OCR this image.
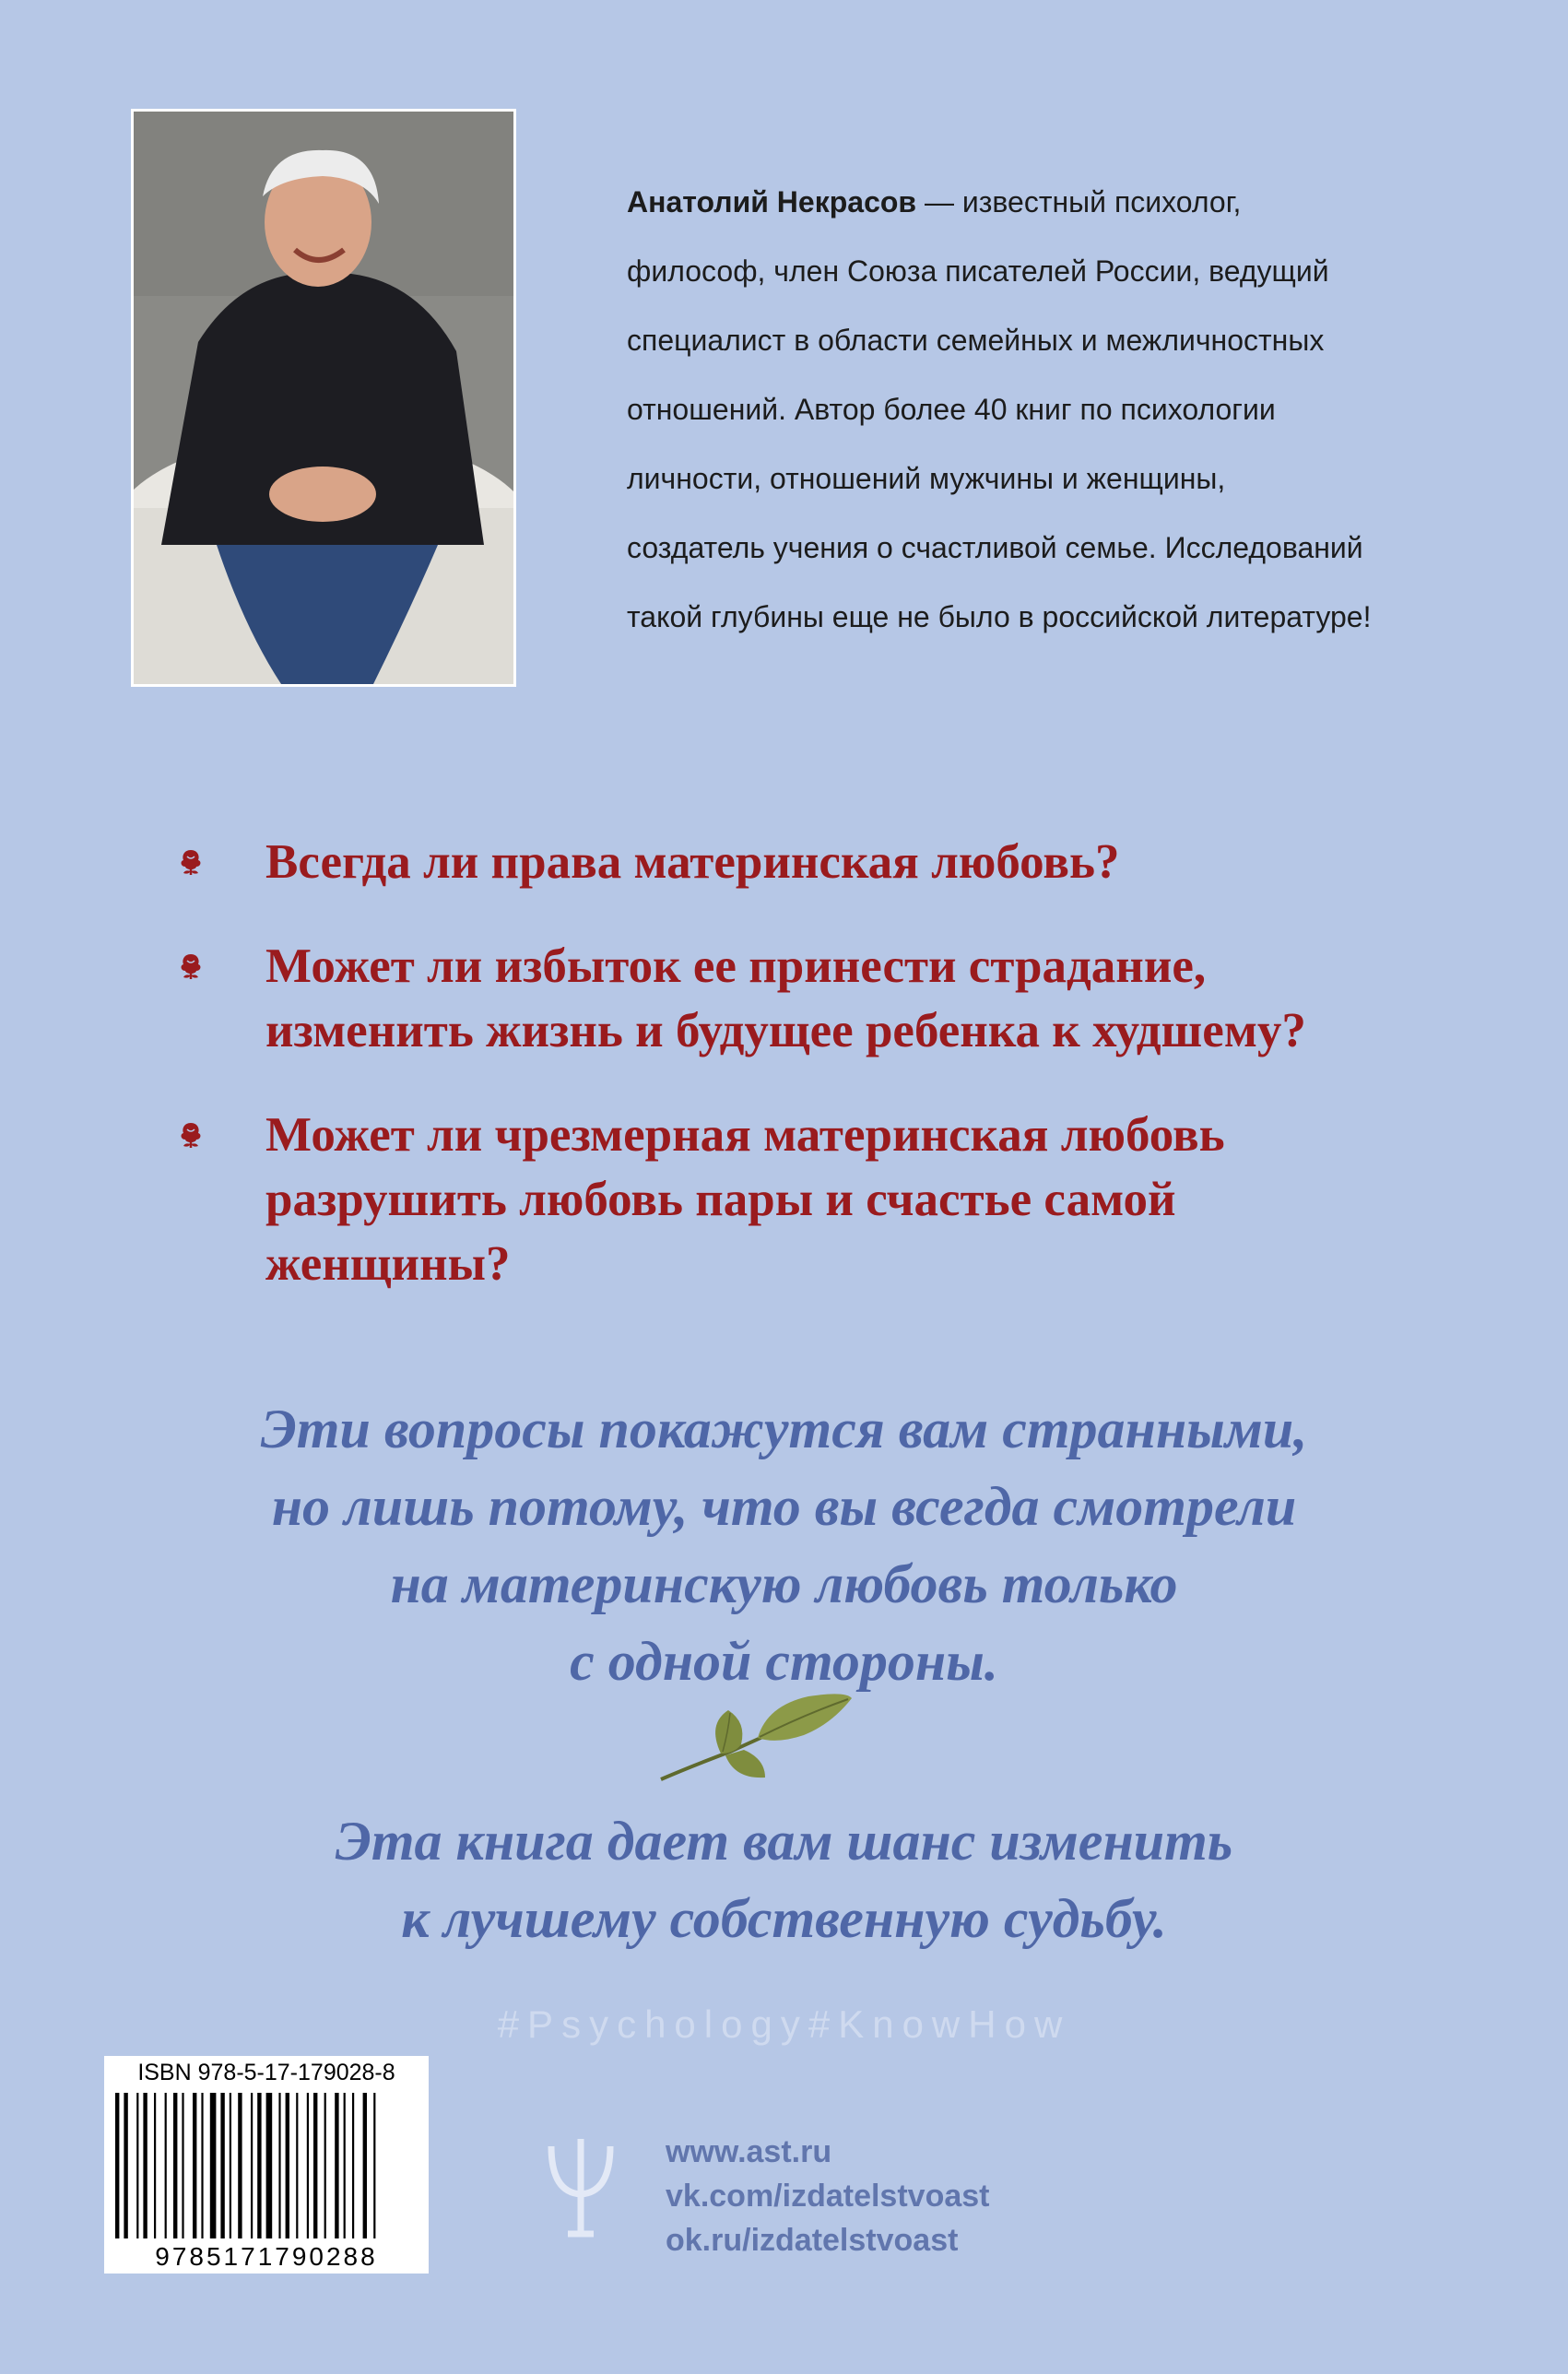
Анатолий Некрасов — известный психолог,
философ, член Союза писателей России, ведущий
специалист в области семейных и межличностных
отношений. Автор более 40 книг по психологии
личности, отношений мужчины и женщины,
создатель учения о счастливой семье. Исследований
такой глубины еще не было в российской литературе!
Всегда ли права материнская любовь?
Может ли избыток ее принести страдание,
изменить жизнь и будущее ребенка к худшему?
Может ли чрезмерная материнская любовь
разрушить любовь пары и счастье самой
женщины?
Эти вопросы покажутся вам странными,
но лишь потому, что вы всегда смотрели
на материнскую любовь только
с одной стороны.
Эта книга дает вам шанс изменить
к лучшему собственную судьбу.
#Psychology#KnowHow
ISBN 978-5-17-179028-8
9785171790288
www.ast.ru
vk.com/izdatelstvoast
ok.ru/izdatelstvoast
